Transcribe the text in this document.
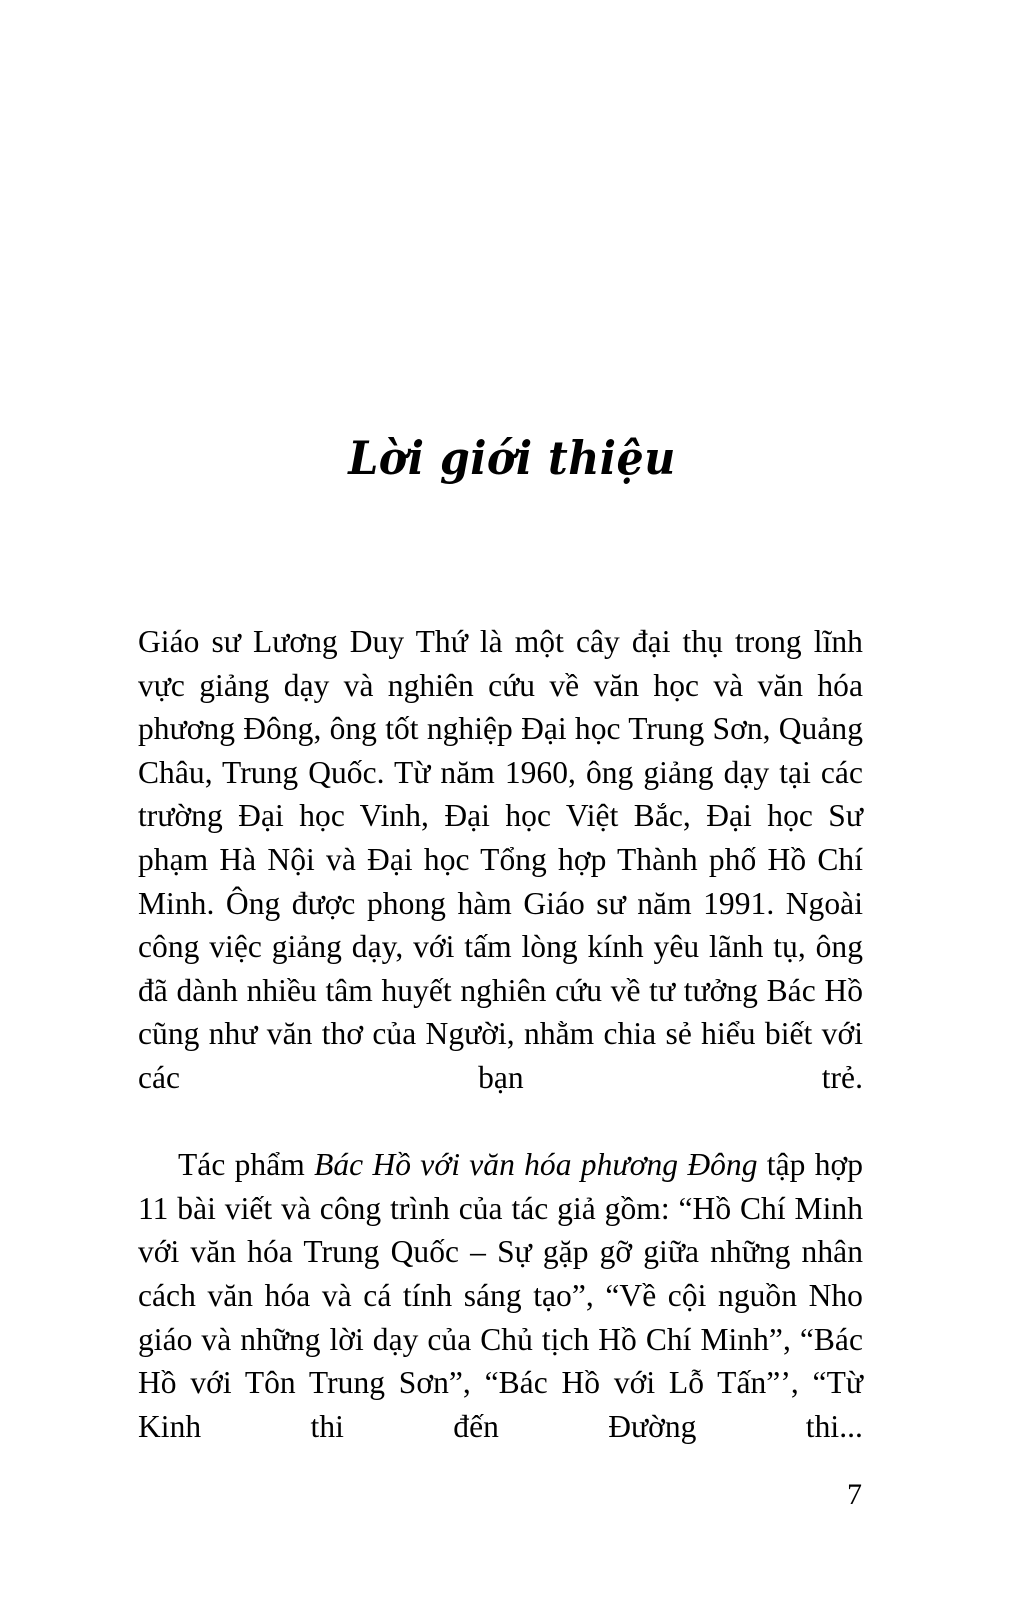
Lời giới thiệu

Giáo sư Lương Duy Thứ là một cây đại thụ trong lĩnh vực giảng dạy và nghiên cứu về văn học và văn hóa phương Đông, ông tốt nghiệp Đại học Trung Sơn, Quảng Châu, Trung Quốc. Từ năm 1960, ông giảng dạy tại các trường Đại học Vinh, Đại học Việt Bắc, Đại học Sư phạm Hà Nội và Đại học Tổng hợp Thành phố Hồ Chí Minh. Ông được phong hàm Giáo sư năm 1991. Ngoài công việc giảng dạy, với tấm lòng kính yêu lãnh tụ, ông đã dành nhiều tâm huyết nghiên cứu về tư tưởng Bác Hồ cũng như văn thơ của Người, nhằm chia sẻ hiểu biết với các bạn trẻ.

Tác phẩm Bác Hồ với văn hóa phương Đông tập hợp 11 bài viết và công trình của tác giả gồm: “Hồ Chí Minh với văn hóa Trung Quốc – Sự gặp gỡ giữa những nhân cách văn hóa và cá tính sáng tạo”, “Về cội nguồn Nho giáo và những lời dạy của Chủ tịch Hồ Chí Minh”, “Bác Hồ với Tôn Trung Sơn”, “Bác Hồ với Lỗ Tấn”’, “Từ Kinh thi đến Đường thi...

7
